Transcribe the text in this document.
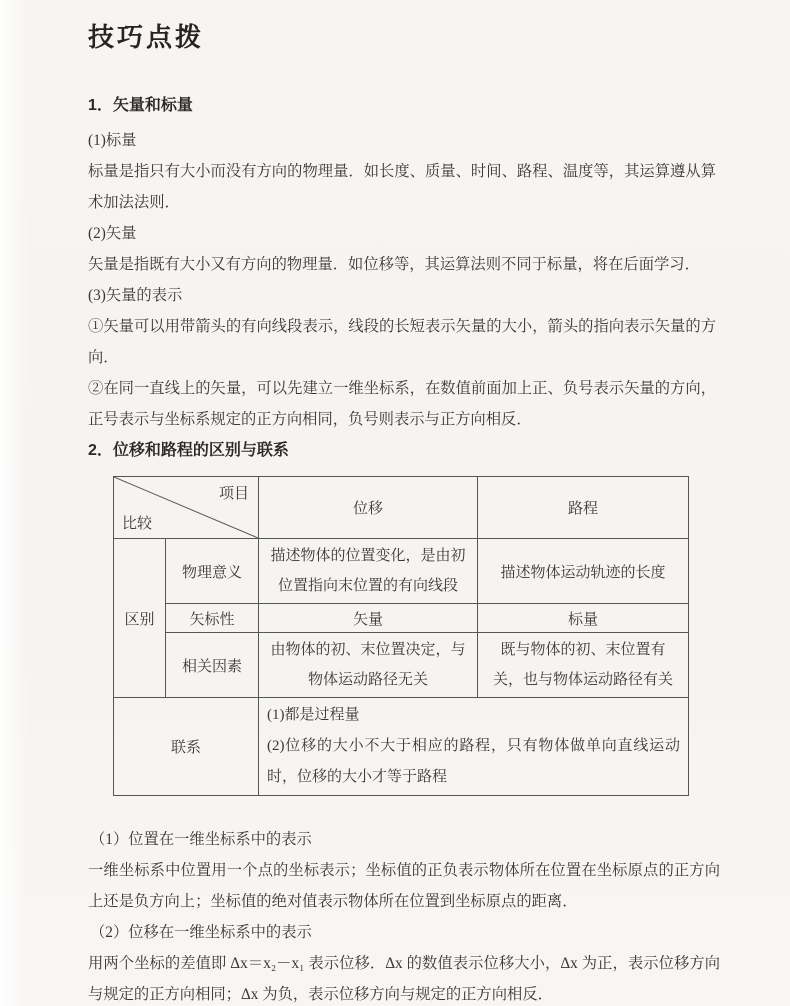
技巧点拨
1．矢量和标量

(1)标量

标量是指只有大小而没有方向的物理量．如长度、质量、时间、路程、温度等，其运算遵从算术加法法则．

(2)矢量

矢量是指既有大小又有方向的物理量．如位移等，其运算法则不同于标量，将在后面学习．

(3)矢量的表示

①矢量可以用带箭头的有向线段表示，线段的长短表示矢量的大小，箭头的指向表示矢量的方向．

②在同一直线上的矢量，可以先建立一维坐标系，在数值前面加上正、负号表示矢量的方向，正号表示与坐标系规定的正方向相同，负号则表示与正方向相反．

2．位移和路程的区别与联系
项目
比较		位移	路程
区别	物理意义	描述物体的位置变化，是由初位置指向末位置的有向线段	描述物体运动轨迹的长度
	矢标性	矢量	标量
	相关因素	由物体的初、末位置决定，与物体运动路径无关	既与物体的初、末位置有关，也与物体运动路径有关
联系		(1)都是过程量

(2)位移的大小不大于相应的路程，只有物体做单向直线运动时，位移的大小才等于路程	

（1）位置在一维坐标系中的表示

一维坐标系中位置用一个点的坐标表示；坐标值的正负表示物体所在位置在坐标原点的正方向上还是负方向上；坐标值的绝对值表示物体所在位置到坐标原点的距离．

（2）位移在一维坐标系中的表示

用两个坐标的差值即 Δx＝x₂－x₁ 表示位移．Δx 的数值表示位移大小，Δx 为正，表示位移方向与规定的正方向相同；Δx 为负，表示位移方向与规定的正方向相反．
